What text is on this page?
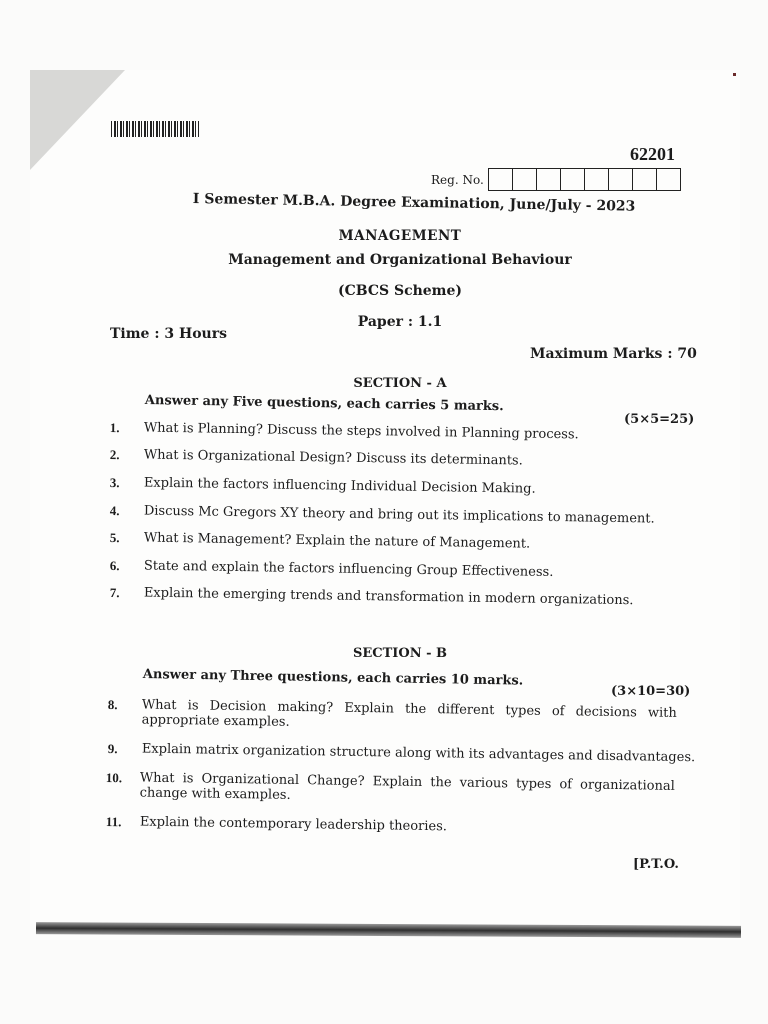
62201
Reg. No.
I Semester M.B.A. Degree Examination, June/July - 2023
MANAGEMENT
Management and Organizational Behaviour
(CBCS Scheme)
Paper : 1.1
Time : 3 Hours
Maximum Marks : 70
SECTION - A
Answer any Five questions, each carries 5 marks.
(5×5=25)
1. What is Planning? Discuss the steps involved in Planning process.
2. What is Organizational Design? Discuss its determinants.
3. Explain the factors influencing Individual Decision Making.
4. Discuss Mc Gregors XY theory and bring out its implications to management.
5. What is Management? Explain the nature of Management.
6. State and explain the factors influencing Group Effectiveness.
7. Explain the emerging trends and transformation in modern organizations.
SECTION - B
Answer any Three questions, each carries 10 marks.
(3×10=30)
8. What is Decision making? Explain the different types of decisions with appropriate examples.
9. Explain matrix organization structure along with its advantages and disadvantages.
10. What is Organizational Change? Explain the various types of organizational change with examples.
11. Explain the contemporary leadership theories.
[P.T.O.
